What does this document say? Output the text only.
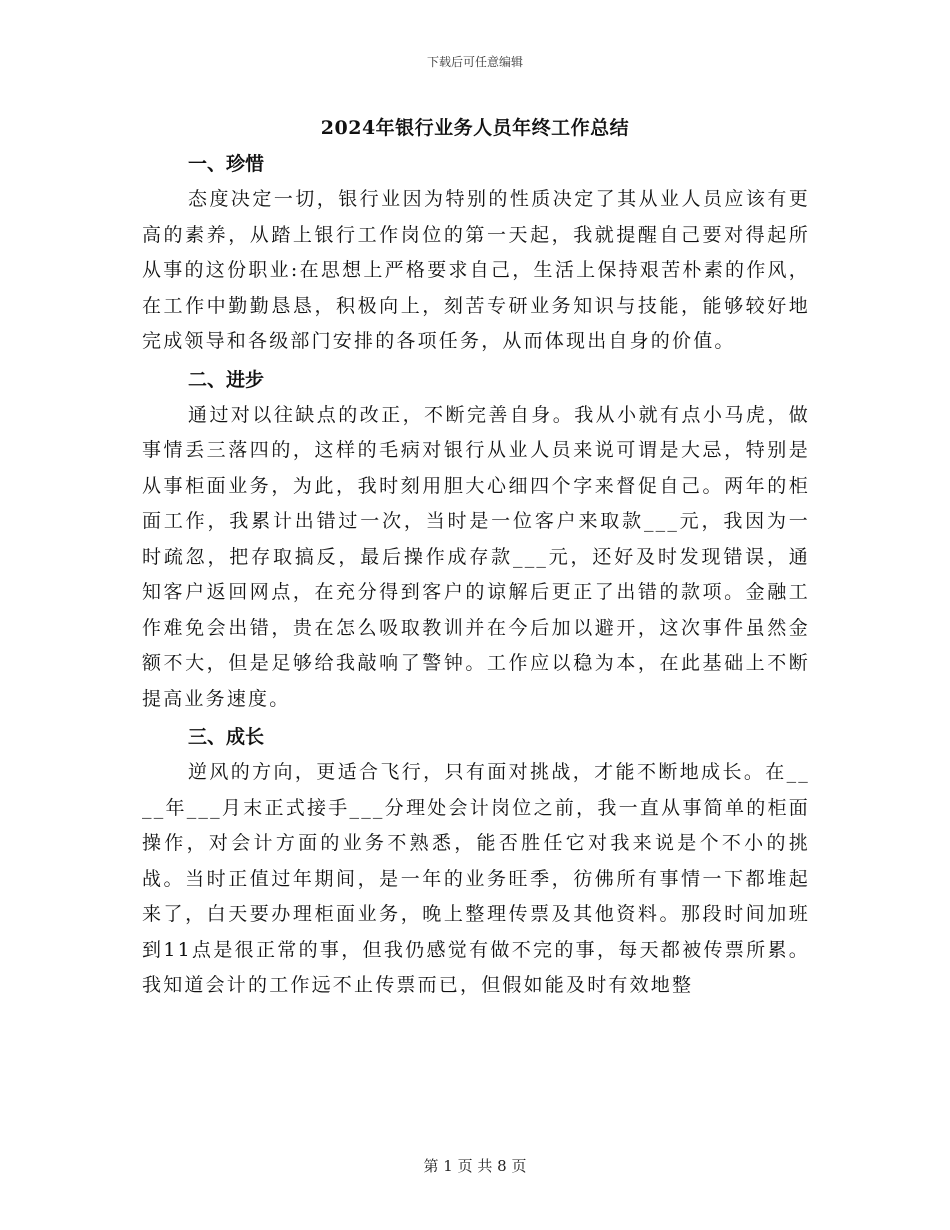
下载后可任意编辑
2024年银行业务人员年终工作总结
一、珍惜

态度决定一切，银行业因为特别的性质决定了其从业人员应该有更高的素养，从踏上银行工作岗位的第一天起，我就提醒自己要对得起所从事的这份职业:在思想上严格要求自己，生活上保持艰苦朴素的作风，在工作中勤勤恳恳，积极向上，刻苦专研业务知识与技能，能够较好地完成领导和各级部门安排的各项任务，从而体现出自身的价值。

二、进步

通过对以往缺点的改正，不断完善自身。我从小就有点小马虎，做事情丢三落四的，这样的毛病对银行从业人员来说可谓是大忌，特别是从事柜面业务，为此，我时刻用胆大心细四个字来督促自己。两年的柜面工作，我累计出错过一次，当时是一位客户来取款___元，我因为一时疏忽，把存取搞反，最后操作成存款___元，还好及时发现错误，通知客户返回网点，在充分得到客户的谅解后更正了出错的款项。金融工作难免会出错，贵在怎么吸取教训并在今后加以避开，这次事件虽然金额不大，但是足够给我敲响了警钟。工作应以稳为本，在此基础上不断提高业务速度。

三、成长

逆风的方向，更适合飞行，只有面对挑战，才能不断地成长。在____年___月末正式接手___分理处会计岗位之前，我一直从事简单的柜面操作，对会计方面的业务不熟悉，能否胜任它对我来说是个不小的挑战。当时正值过年期间，是一年的业务旺季，彷佛所有事情一下都堆起来了，白天要办理柜面业务，晚上整理传票及其他资料。那段时间加班到11点是很正常的事，但我仍感觉有做不完的事，每天都被传票所累。我知道会计的工作远不止传票而已，但假如能及时有效地整

第 1 页 共 8 页
